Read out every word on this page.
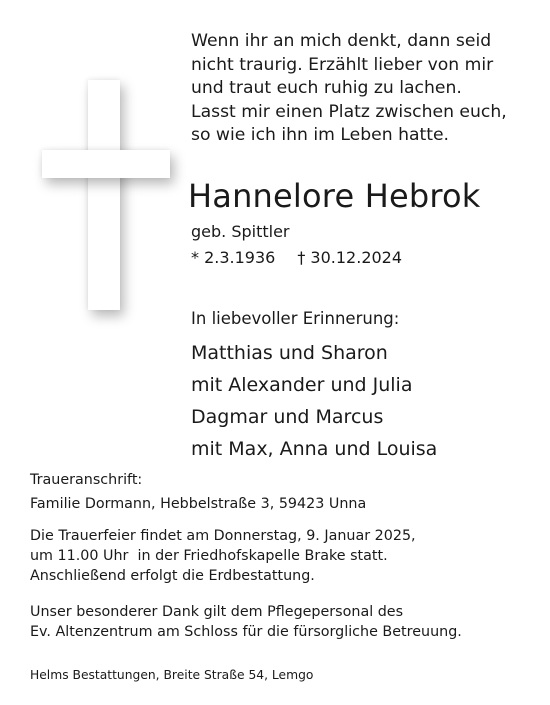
Wenn ihr an mich denkt, dann seid
nicht traurig. Erzählt lieber von mir
und traut euch ruhig zu lachen.
Lasst mir einen Platz zwischen euch,
so wie ich ihn im Leben hatte.
Hannelore Hebrok
geb. Spittler
* 2.3.1936 † 30.12.2024
In liebevoller Erinnerung:
Matthias und Sharon
mit Alexander und Julia
Dagmar und Marcus
mit Max, Anna und Louisa
Traueranschrift:
Familie Dormann, Hebbelstraße 3, 59423 Unna
Die Trauerfeier findet am Donnerstag, 9. Januar 2025,
um 11.00 Uhr  in der Friedhofskapelle Brake statt.
Anschließend erfolgt die Erdbestattung.
Unser besonderer Dank gilt dem Pflegepersonal des
Ev. Altenzentrum am Schloss für die fürsorgliche Betreuung.
Helms Bestattungen, Breite Straße 54, Lemgo
